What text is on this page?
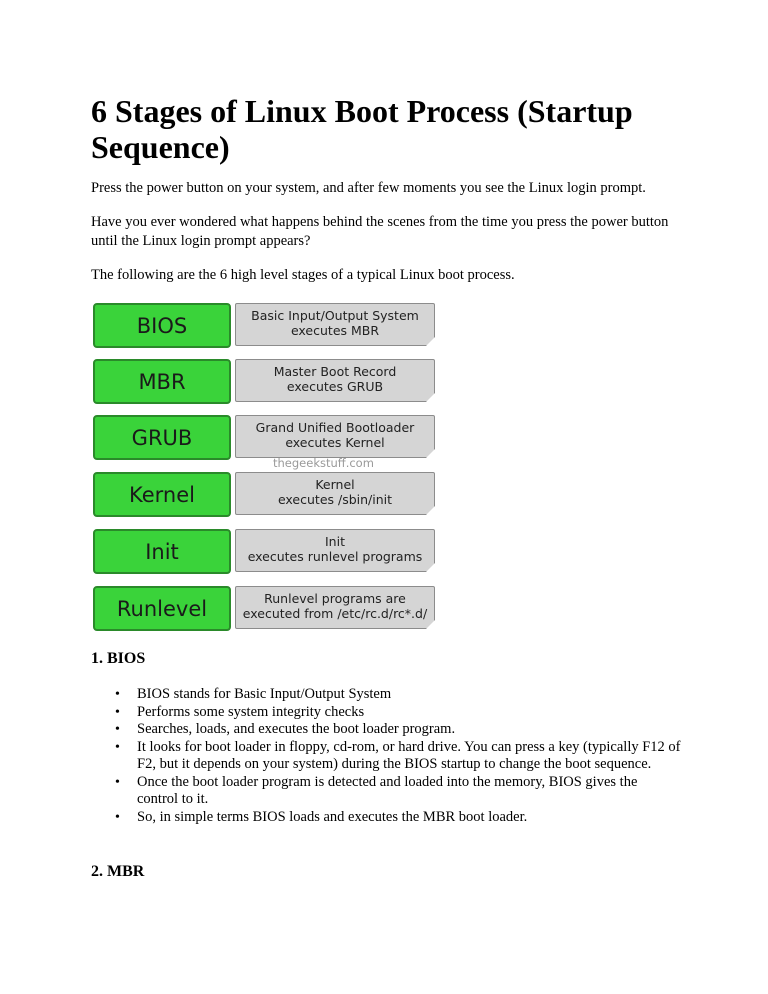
6 Stages of Linux Boot Process (Startup Sequence)

Press the power button on your system, and after few moments you see the Linux login prompt.

Have you ever wondered what happens behind the scenes from the time you press the power button until the Linux login prompt appears?

The following are the 6 high level stages of a typical Linux boot process.

BIOS	Basic Input/Output System
executes MBR
MBR	Master Boot Record
executes GRUB
GRUB	Grand Unified Bootloader
executes Kernel
thegeekstuff.com
Kernel	Kernel
executes /sbin/init
Init	Init
executes runlevel programs
Runlevel	Runlevel programs are
executed from /etc/rc.d/rc*.d/
1. BIOS
• BIOS stands for Basic Input/Output System
• Performs some system integrity checks
• Searches, loads, and executes the boot loader program.
• It looks for boot loader in floppy, cd-rom, or hard drive. You can press a key (typically F12 of F2, but it depends on your system) during the BIOS startup to change the boot sequence.
• Once the boot loader program is detected and loaded into the memory, BIOS gives the control to it.
• So, in simple terms BIOS loads and executes the MBR boot loader.
2. MBR
